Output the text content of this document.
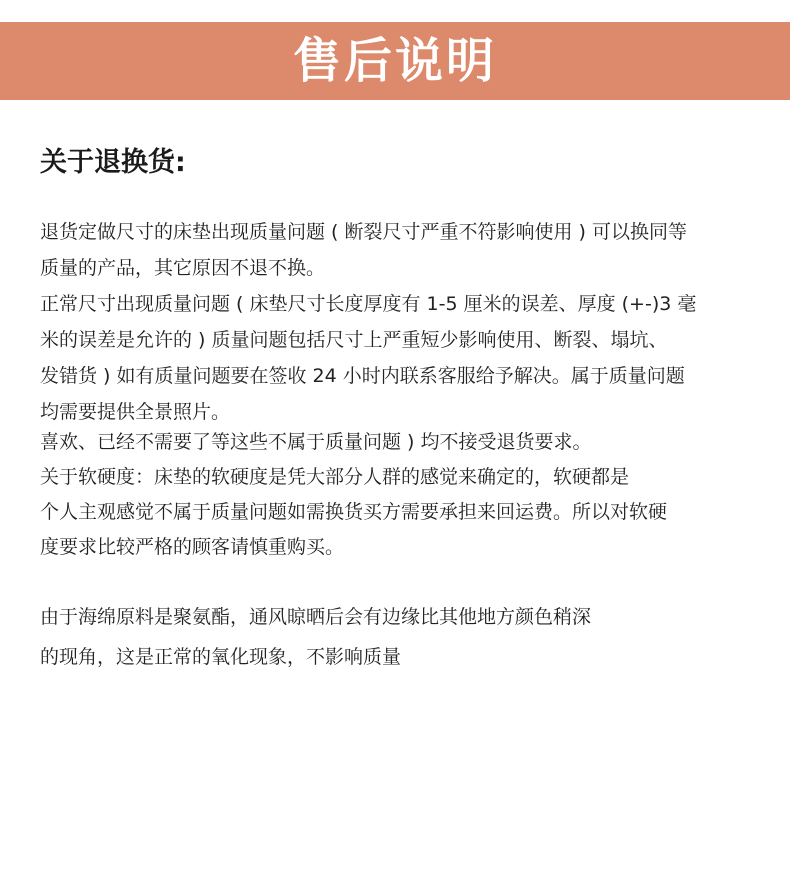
售后说明
关于退换货:
退货定做尺寸的床垫出现质量问题 ( 断裂尺寸严重不符影响使用 ) 可以换同等
质量的产品，其它原因不退不换。
正常尺寸出现质量问题 ( 床垫尺寸长度厚度有 1-5 厘米的误差、厚度 (+-)3 毫
米的误差是允许的 ) 质量问题包括尺寸上严重短少影响使用、断裂、塌坑、
发错货 ) 如有质量问题要在签收 24 小时内联系客服给予解决。属于质量问题
均需要提供全景照片。
喜欢、已经不需要了等这些不属于质量问题 ) 均不接受退货要求。
关于软硬度：床垫的软硬度是凭大部分人群的感觉来确定的，软硬都是
个人主观感觉不属于质量问题如需换货买方需要承担来回运费。所以对软硬
度要求比较严格的顾客请慎重购买。
由于海绵原料是聚氨酯，通风晾晒后会有边缘比其他地方颜色稍深
的现角，这是正常的氧化现象，不影响质量
